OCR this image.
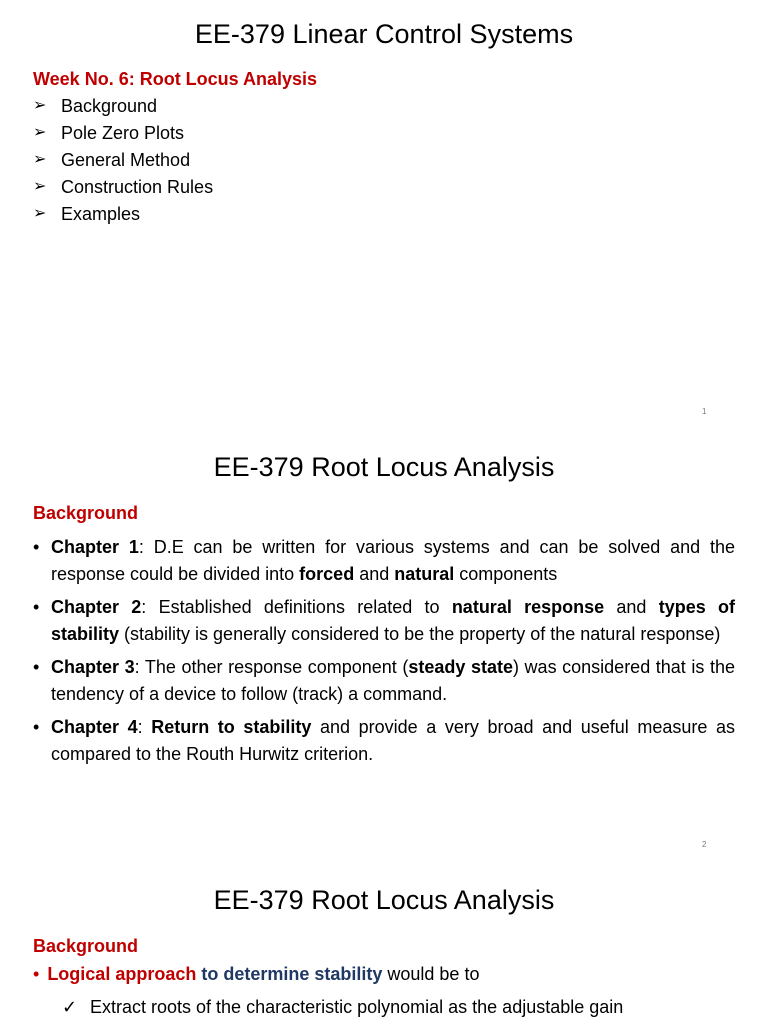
EE-379 Linear Control Systems
Week No. 6: Root Locus Analysis
➢ Background
➢ Pole Zero Plots
➢ General Method
➢ Construction Rules
➢ Examples
1
EE-379 Root Locus Analysis
Background
• Chapter 1: D.E can be written for various systems and can be solved and the response could be divided into forced and natural components
• Chapter 2: Established definitions related to natural response and types of stability (stability is generally considered to be the property of the natural response)
• Chapter 3: The other response component (steady state) was considered that is the tendency of a device to follow (track) a command.
• Chapter 4: Return to stability and provide a very broad and useful measure as compared to the Routh Hurwitz criterion.
2
EE-379 Root Locus Analysis
Background
• Logical approach to determine stability would be to
✓ Extract roots of the characteristic polynomial as the adjustable gain
